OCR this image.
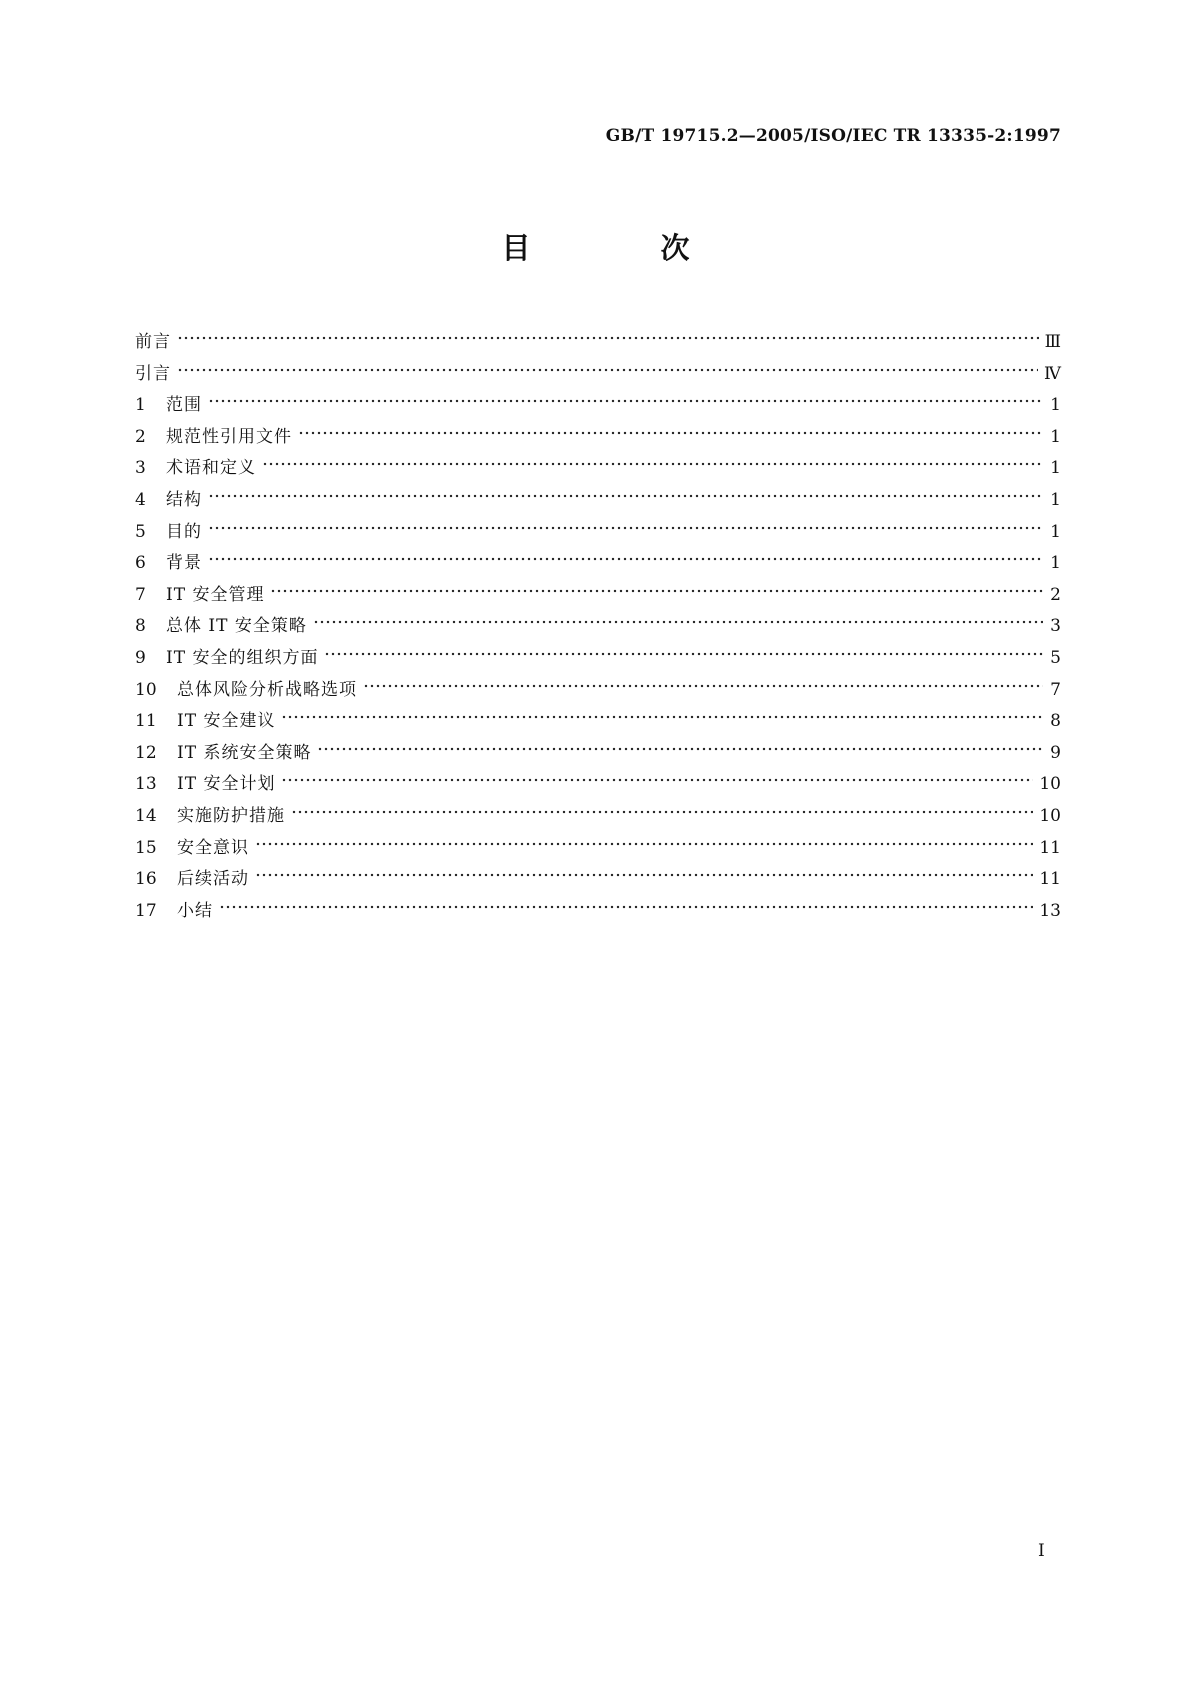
GB/T 19715.2—2005/ISO/IEC TR 13335-2:1997
目 次
前言	Ⅲ
引言	Ⅳ
1	范围	1
2	规范性引用文件	1
3	术语和定义	1
4	结构	1
5	目的	1
6	背景	1
7	IT 安全管理	2
8	总体 IT 安全策略	3
9	IT 安全的组织方面	5
10	总体风险分析战略选项	7
11	IT 安全建议	8
12	IT 系统安全策略	9
13	IT 安全计划	10
14	实施防护措施	10
15	安全意识	11
16	后续活动	11
17	小结	13
Ⅰ
